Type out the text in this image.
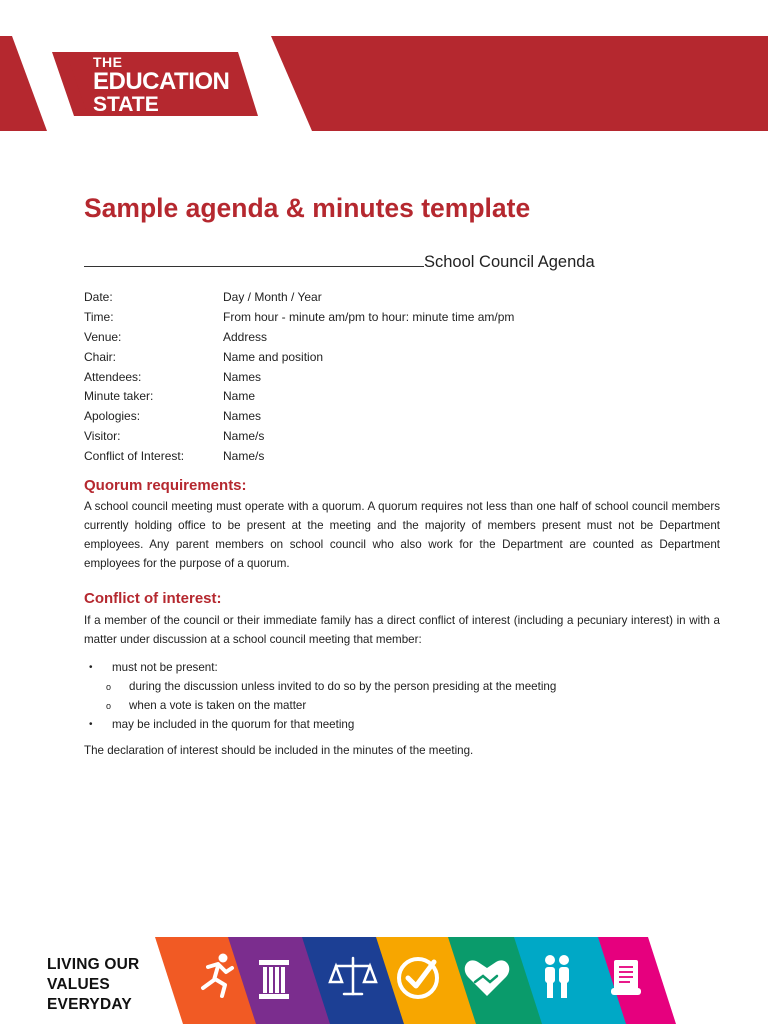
THE
EDUCATION
STATE
Sample agenda & minutes template
School Council Agenda
Date:	Day / Month / Year
Time:	From hour - minute am/pm to hour: minute time am/pm
Venue:	Address
Chair:	Name and position
Attendees:	Names
Minute taker:	Name
Apologies:	Names
Visitor:	Name/s
Conflict of Interest:	Name/s
Quorum requirements:

A school council meeting must operate with a quorum. A quorum requires not less than one half of school council members currently holding office to be present at the meeting and the majority of members present must not be Department employees. Any parent members on school council who also work for the Department are counted as Department employees for the purpose of a quorum.

Conflict of interest:

If a member of the council or their immediate family has a direct conflict of interest (including a pecuniary interest) in with a matter under discussion at a school council meeting that member:

•	must not be present:
o	during the discussion unless invited to do so by the person presiding at the meeting
o	when a vote is taken on the matter
•	may be included in the quorum for that meeting

The declaration of interest should be included in the minutes of the meeting.

LIVING OUR
VALUES
EVERYDAY
